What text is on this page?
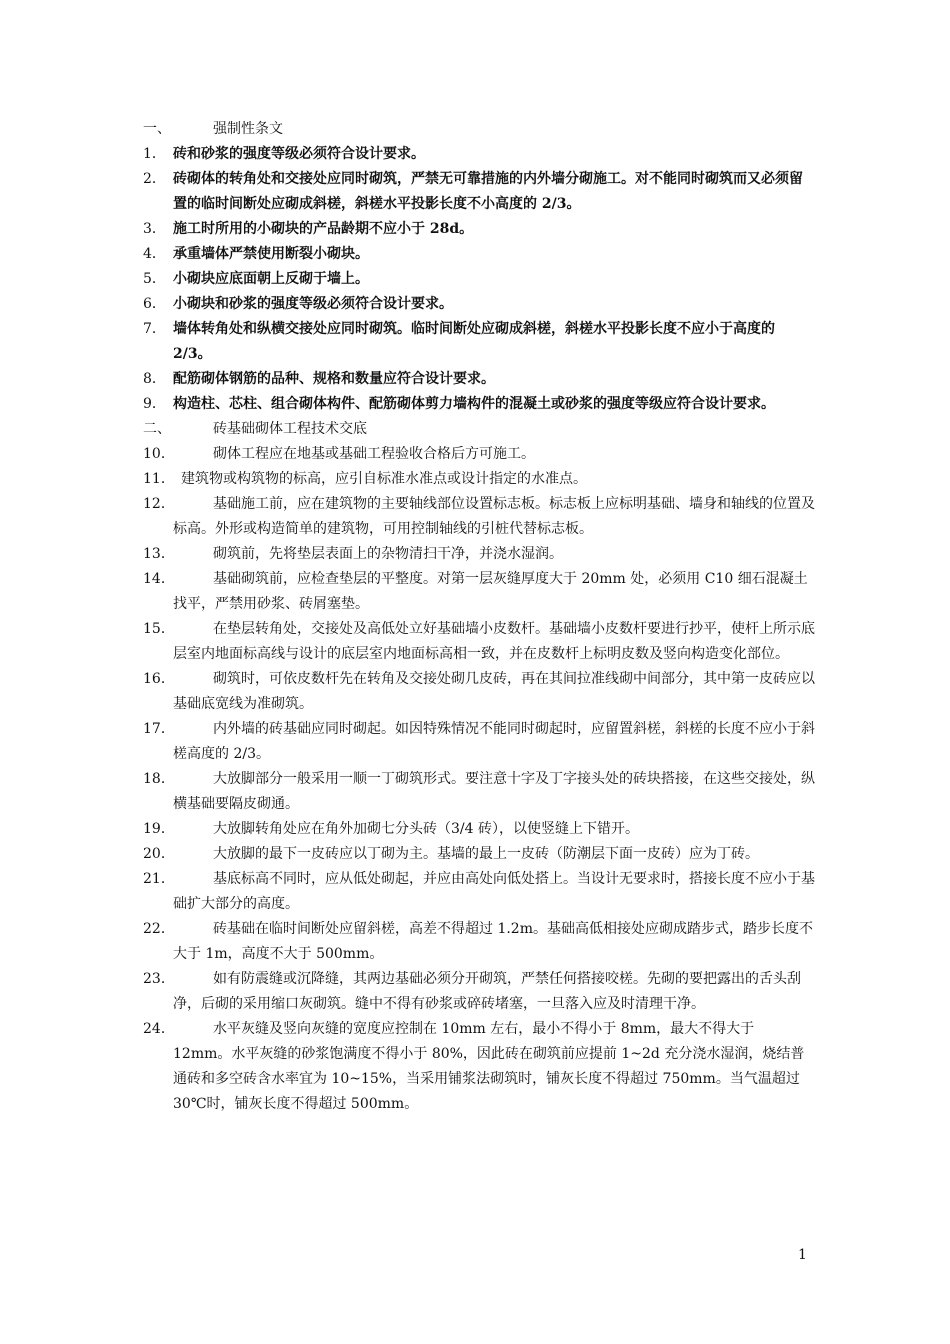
一、	强制性条文
1． 砖和砂浆的强度等级必须符合设计要求。
2． 砖砌体的转角处和交接处应同时砌筑，严禁无可靠措施的内外墙分砌施工。对不能同时砌筑而又必须留置的临时间断处应砌成斜槎，斜槎水平投影长度不小高度的 2/3。
3． 施工时所用的小砌块的产品龄期不应小于 28d。
4． 承重墙体严禁使用断裂小砌块。
5． 小砌块应底面朝上反砌于墙上。
6． 小砌块和砂浆的强度等级必须符合设计要求。
7． 墙体转角处和纵横交接处应同时砌筑。临时间断处应砌成斜槎，斜槎水平投影长度不应小于高度的 2/3。
8． 配筋砌体钢筋的品种、规格和数量应符合设计要求。
9． 构造柱、芯柱、组合砌体构件、配筋砌体剪力墙构件的混凝土或砂浆的强度等级应符合设计要求。
二、	砖基础砌体工程技术交底
10．	砌体工程应在地基或基础工程验收合格后方可施工。
11． 建筑物或构筑物的标高，应引自标准水准点或设计指定的水准点。
12．	基础施工前，应在建筑物的主要轴线部位设置标志板。标志板上应标明基础、墙身和轴线的位置及标高。外形或构造简单的建筑物，可用控制轴线的引桩代替标志板。
13．	砌筑前，先将垫层表面上的杂物清扫干净，并浇水湿润。
14．	基础砌筑前，应检查垫层的平整度。对第一层灰缝厚度大于 20mm 处，必须用 C10 细石混凝土找平，严禁用砂浆、砖屑塞垫。
15．	在垫层转角处，交接处及高低处立好基础墙小皮数杆。基础墙小皮数杆要进行抄平，使杆上所示底层室内地面标高线与设计的底层室内地面标高相一致，并在皮数杆上标明皮数及竖向构造变化部位。
16．	砌筑时，可依皮数杆先在转角及交接处砌几皮砖，再在其间拉准线砌中间部分，其中第一皮砖应以基础底宽线为准砌筑。
17．	内外墙的砖基础应同时砌起。如因特殊情况不能同时砌起时，应留置斜槎，斜槎的长度不应小于斜槎高度的 2/3。
18．	大放脚部分一般采用一顺一丁砌筑形式。要注意十字及丁字接头处的砖块搭接，在这些交接处，纵横基础要隔皮砌通。
19．	大放脚转角处应在角外加砌七分头砖（3/4 砖），以使竖缝上下错开。
20．	大放脚的最下一皮砖应以丁砌为主。基墙的最上一皮砖（防潮层下面一皮砖）应为丁砖。
21．	基底标高不同时，应从低处砌起，并应由高处向低处搭上。当设计无要求时，搭接长度不应小于基础扩大部分的高度。
22．	砖基础在临时间断处应留斜槎，高差不得超过 1.2m。基础高低相接处应砌成踏步式，踏步长度不大于 1m，高度不大于 500mm。
23．	如有防震缝或沉降缝，其两边基础必须分开砌筑，严禁任何搭接咬槎。先砌的要把露出的舌头刮净，后砌的采用缩口灰砌筑。缝中不得有砂浆或碎砖堵塞，一旦落入应及时清理干净。
24．	水平灰缝及竖向灰缝的宽度应控制在 10mm 左右，最小不得小于 8mm，最大不得大于 12mm。水平灰缝的砂浆饱满度不得小于 80%，因此砖在砌筑前应提前 1~2d 充分浇水湿润，烧结普通砖和多空砖含水率宜为 10~15%，当采用铺浆法砌筑时，铺灰长度不得超过 750mm。当气温超过 30℃时，铺灰长度不得超过 500mm。
1
